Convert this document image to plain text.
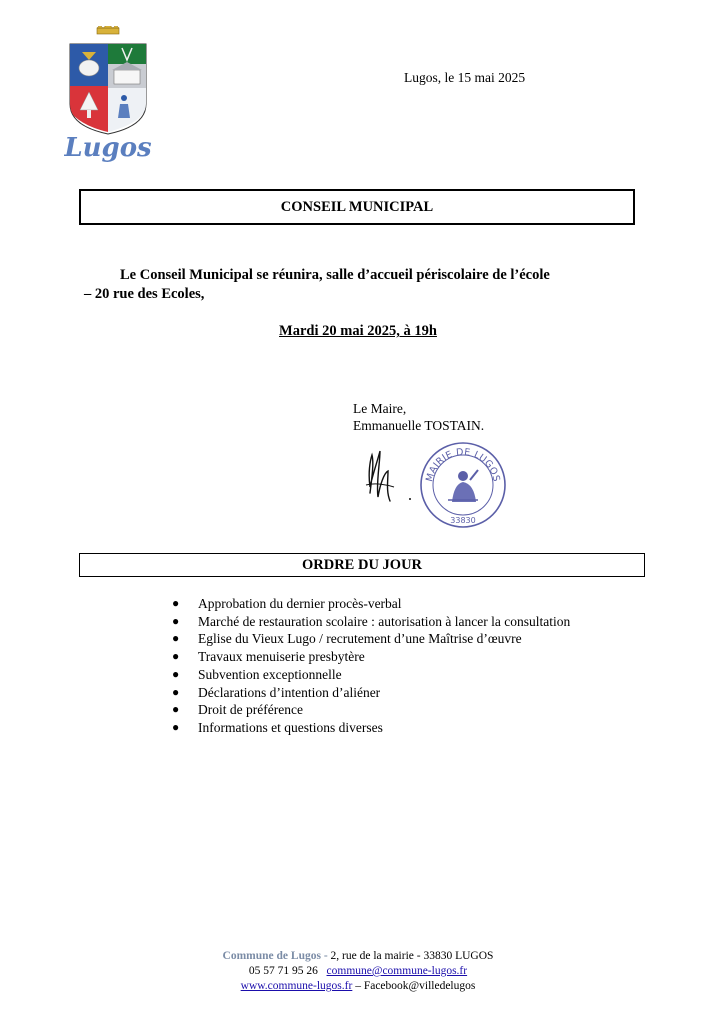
Lugos
Lugos, le 15 mai 2025
CONSEIL MUNICIPAL
Le Conseil Municipal se réunira, salle d’accueil périscolaire de l’école
– 20 rue des Ecoles,
Mardi 20 mai 2025, à 19h
Le Maire,
Emmanuelle TOSTAIN.
MAIRIE DE LUGOS
33830
ORDRE DU JOUR
● Approbation du dernier procès-verbal
● Marché de restauration scolaire : autorisation à lancer la consultation
● Eglise du Vieux Lugo / recrutement d’une Maîtrise d’œuvre
● Travaux menuiserie presbytère
● Subvention exceptionnelle
● Déclarations d’intention d’aliéner
● Droit de préférence
● Informations et questions diverses
Commune de Lugos - 2, rue de la mairie - 33830 LUGOS
05 57 71 95 26 commune@commune-lugos.fr
www.commune-lugos.fr – Facebook@villedelugos
